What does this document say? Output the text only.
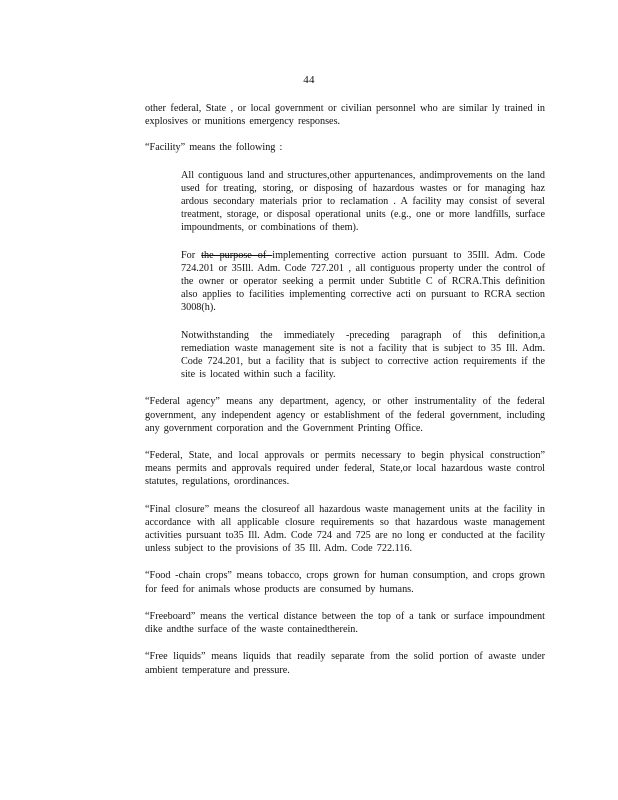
44

other federal, State , or local government or civilian personnel who are similar ly trained in explosives or munitions emergency responses.

“Facility” means the following :

All contiguous land and structures,other appurtenances, andimprovements on the land used for treating, storing, or disposing of hazardous wastes or for managing haz ardous secondary materials prior to reclamation . A facility may consist of several treatment, storage, or disposal operational units (e.g., one or more landfills, surface impoundments, or combinations of them).

For the purpose of implementing corrective action pursuant to 35Ill. Adm. Code 724.201 or 35Ill. Adm. Code 727.201 , all contiguous property under the control of the owner or operator seeking a permit under Subtitle C of RCRA.This definition also applies to facilities implementing corrective acti on pursuant to RCRA section 3008(h).

Notwithstanding the immediately -preceding paragraph of this definition,a remediation waste management site is not a facility that is subject to 35 Ill. Adm. Code 724.201, but a facility that is subject to corrective action requirements if the site is located within such a facility.

“Federal agency” means any department, agency, or other instrumentality of the federal government, any independent agency or establishment of the federal government, including any government corporation and the Government Printing Office.

“Federal, State, and local approvals or permits necessary to begin physical construction” means permits and approvals required under federal, State,or local hazardous waste control statutes, regulations, orordinances.

“Final closure” means the closureof all hazardous waste management units at the facility in accordance with all applicable closure requirements so that hazardous waste management activities pursuant to35 Ill. Adm. Code 724 and 725 are no long er conducted at the facility unless subject to the provisions of 35 Ill. Adm. Code 722.116.

“Food -chain crops” means tobacco, crops grown for human consumption, and crops grown for feed for animals whose products are consumed by humans.

“Freeboard” means the vertical distance between the top of a tank or surface impoundment dike andthe surface of the waste containedtherein.

“Free liquids” means liquids that readily separate from the solid portion of awaste under ambient temperature and pressure.
